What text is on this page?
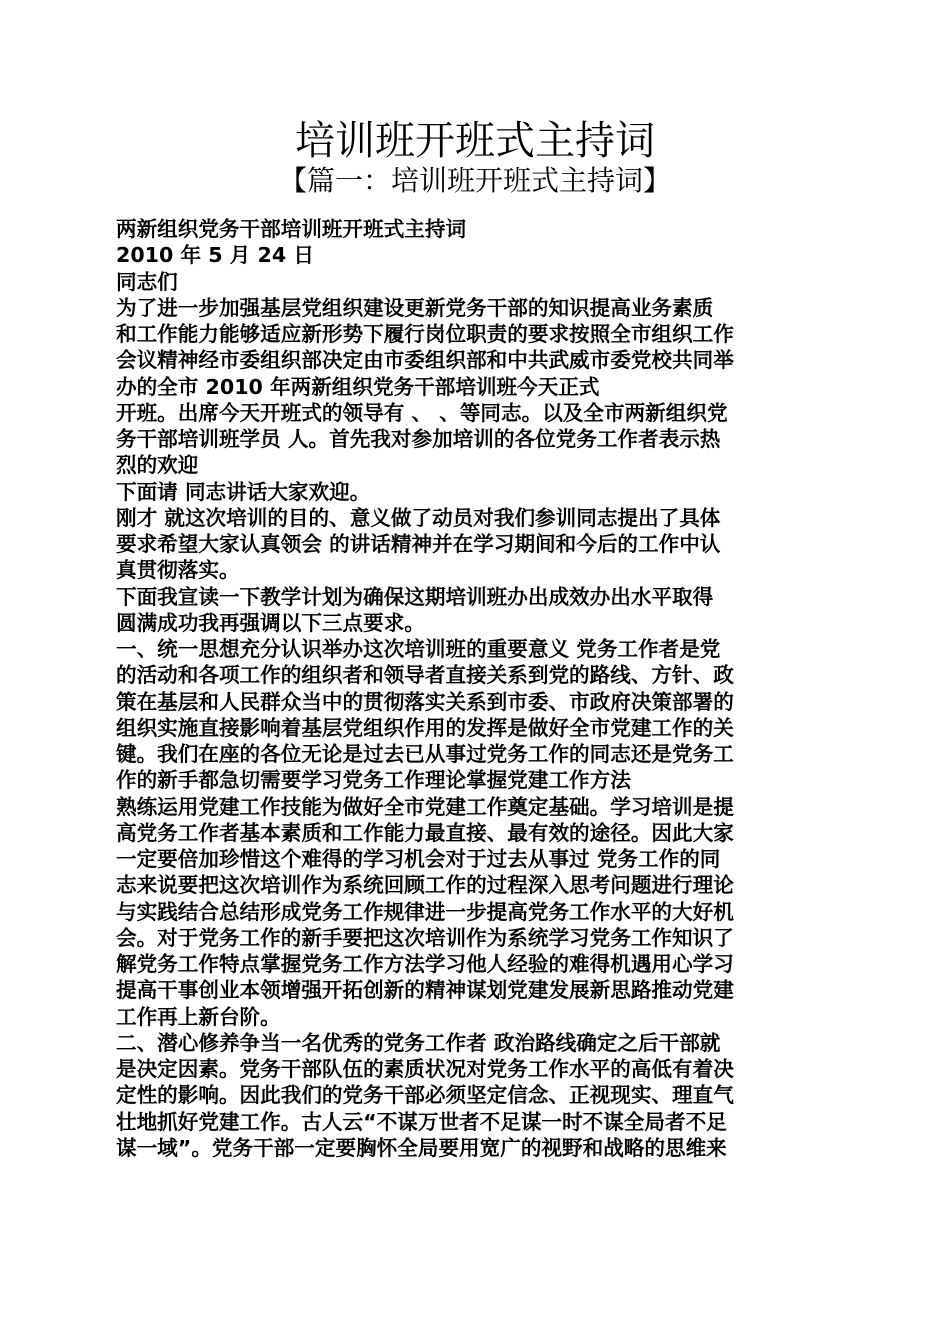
培训班开班式主持词
【篇一：培训班开班式主持词】
两新组织党务干部培训班开班式主持词
2010 年 5 月 24 日
同志们
为了进一步加强基层党组织建设更新党务干部的知识提高业务素质
和工作能力能够适应新形势下履行岗位职责的要求按照全市组织工作
会议精神经市委组织部决定由市委组织部和中共武威市委党校共同举
办的全市 2010 年两新组织党务干部培训班今天正式
开班。出席今天开班式的领导有 、 、等同志。以及全市两新组织党
务干部培训班学员 人。首先我对参加培训的各位党务工作者表示热
烈的欢迎
下面请 同志讲话大家欢迎。
刚才 就这次培训的目的、意义做了动员对我们参训同志提出了具体
要求希望大家认真领会 的讲话精神并在学习期间和今后的工作中认
真贯彻落实。
下面我宣读一下教学计划为确保这期培训班办出成效办出水平取得
圆满成功我再强调以下三点要求。
一、统一思想充分认识举办这次培训班的重要意义 党务工作者是党
的活动和各项工作的组织者和领导者直接关系到党的路线、方针、政
策在基层和人民群众当中的贯彻落实关系到市委、市政府决策部署的
组织实施直接影响着基层党组织作用的发挥是做好全市党建工作的关
键。我们在座的各位无论是过去已从事过党务工作的同志还是党务工
作的新手都急切需要学习党务工作理论掌握党建工作方法
熟练运用党建工作技能为做好全市党建工作奠定基础。学习培训是提
高党务工作者基本素质和工作能力最直接、最有效的途径。因此大家
一定要倍加珍惜这个难得的学习机会对于过去从事过 党务工作的同
志来说要把这次培训作为系统回顾工作的过程深入思考问题进行理论
与实践结合总结形成党务工作规律进一步提高党务工作水平的大好机
会。对于党务工作的新手要把这次培训作为系统学习党务工作知识了
解党务工作特点掌握党务工作方法学习他人经验的难得机遇用心学习
提高干事创业本领增强开拓创新的精神谋划党建发展新思路推动党建
工作再上新台阶。
二、潜心修养争当一名优秀的党务工作者 政治路线确定之后干部就
是决定因素。党务干部队伍的素质状况对党务工作水平的高低有着决
定性的影响。因此我们的党务干部必须坚定信念、正视现实、理直气
壮地抓好党建工作。古人云“不谋万世者不足谋一时不谋全局者不足
谋一域”。党务干部一定要胸怀全局要用宽广的视野和战略的思维来
